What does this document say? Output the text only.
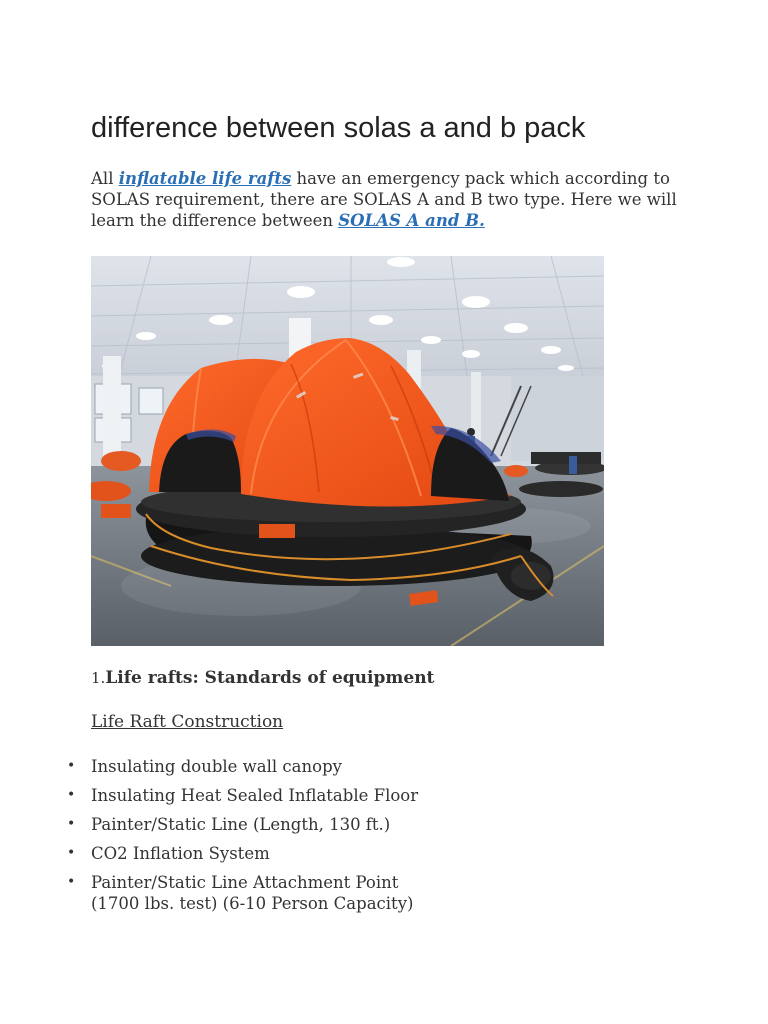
difference between solas a and b pack

All inflatable life rafts have an emergency pack which according to SOLAS requirement, there are SOLAS A and B two type. Here we will learn the difference between SOLAS A and B.

1.Life rafts: Standards of equipment

Life Raft Construction

• Insulating double wall canopy
• Insulating Heat Sealed Inflatable Floor
• Painter/Static Line (Length, 130 ft.)
• CO2 Inflation System
• Painter/Static Line Attachment Point (1700 lbs. test) (6-10 Person Capacity)
